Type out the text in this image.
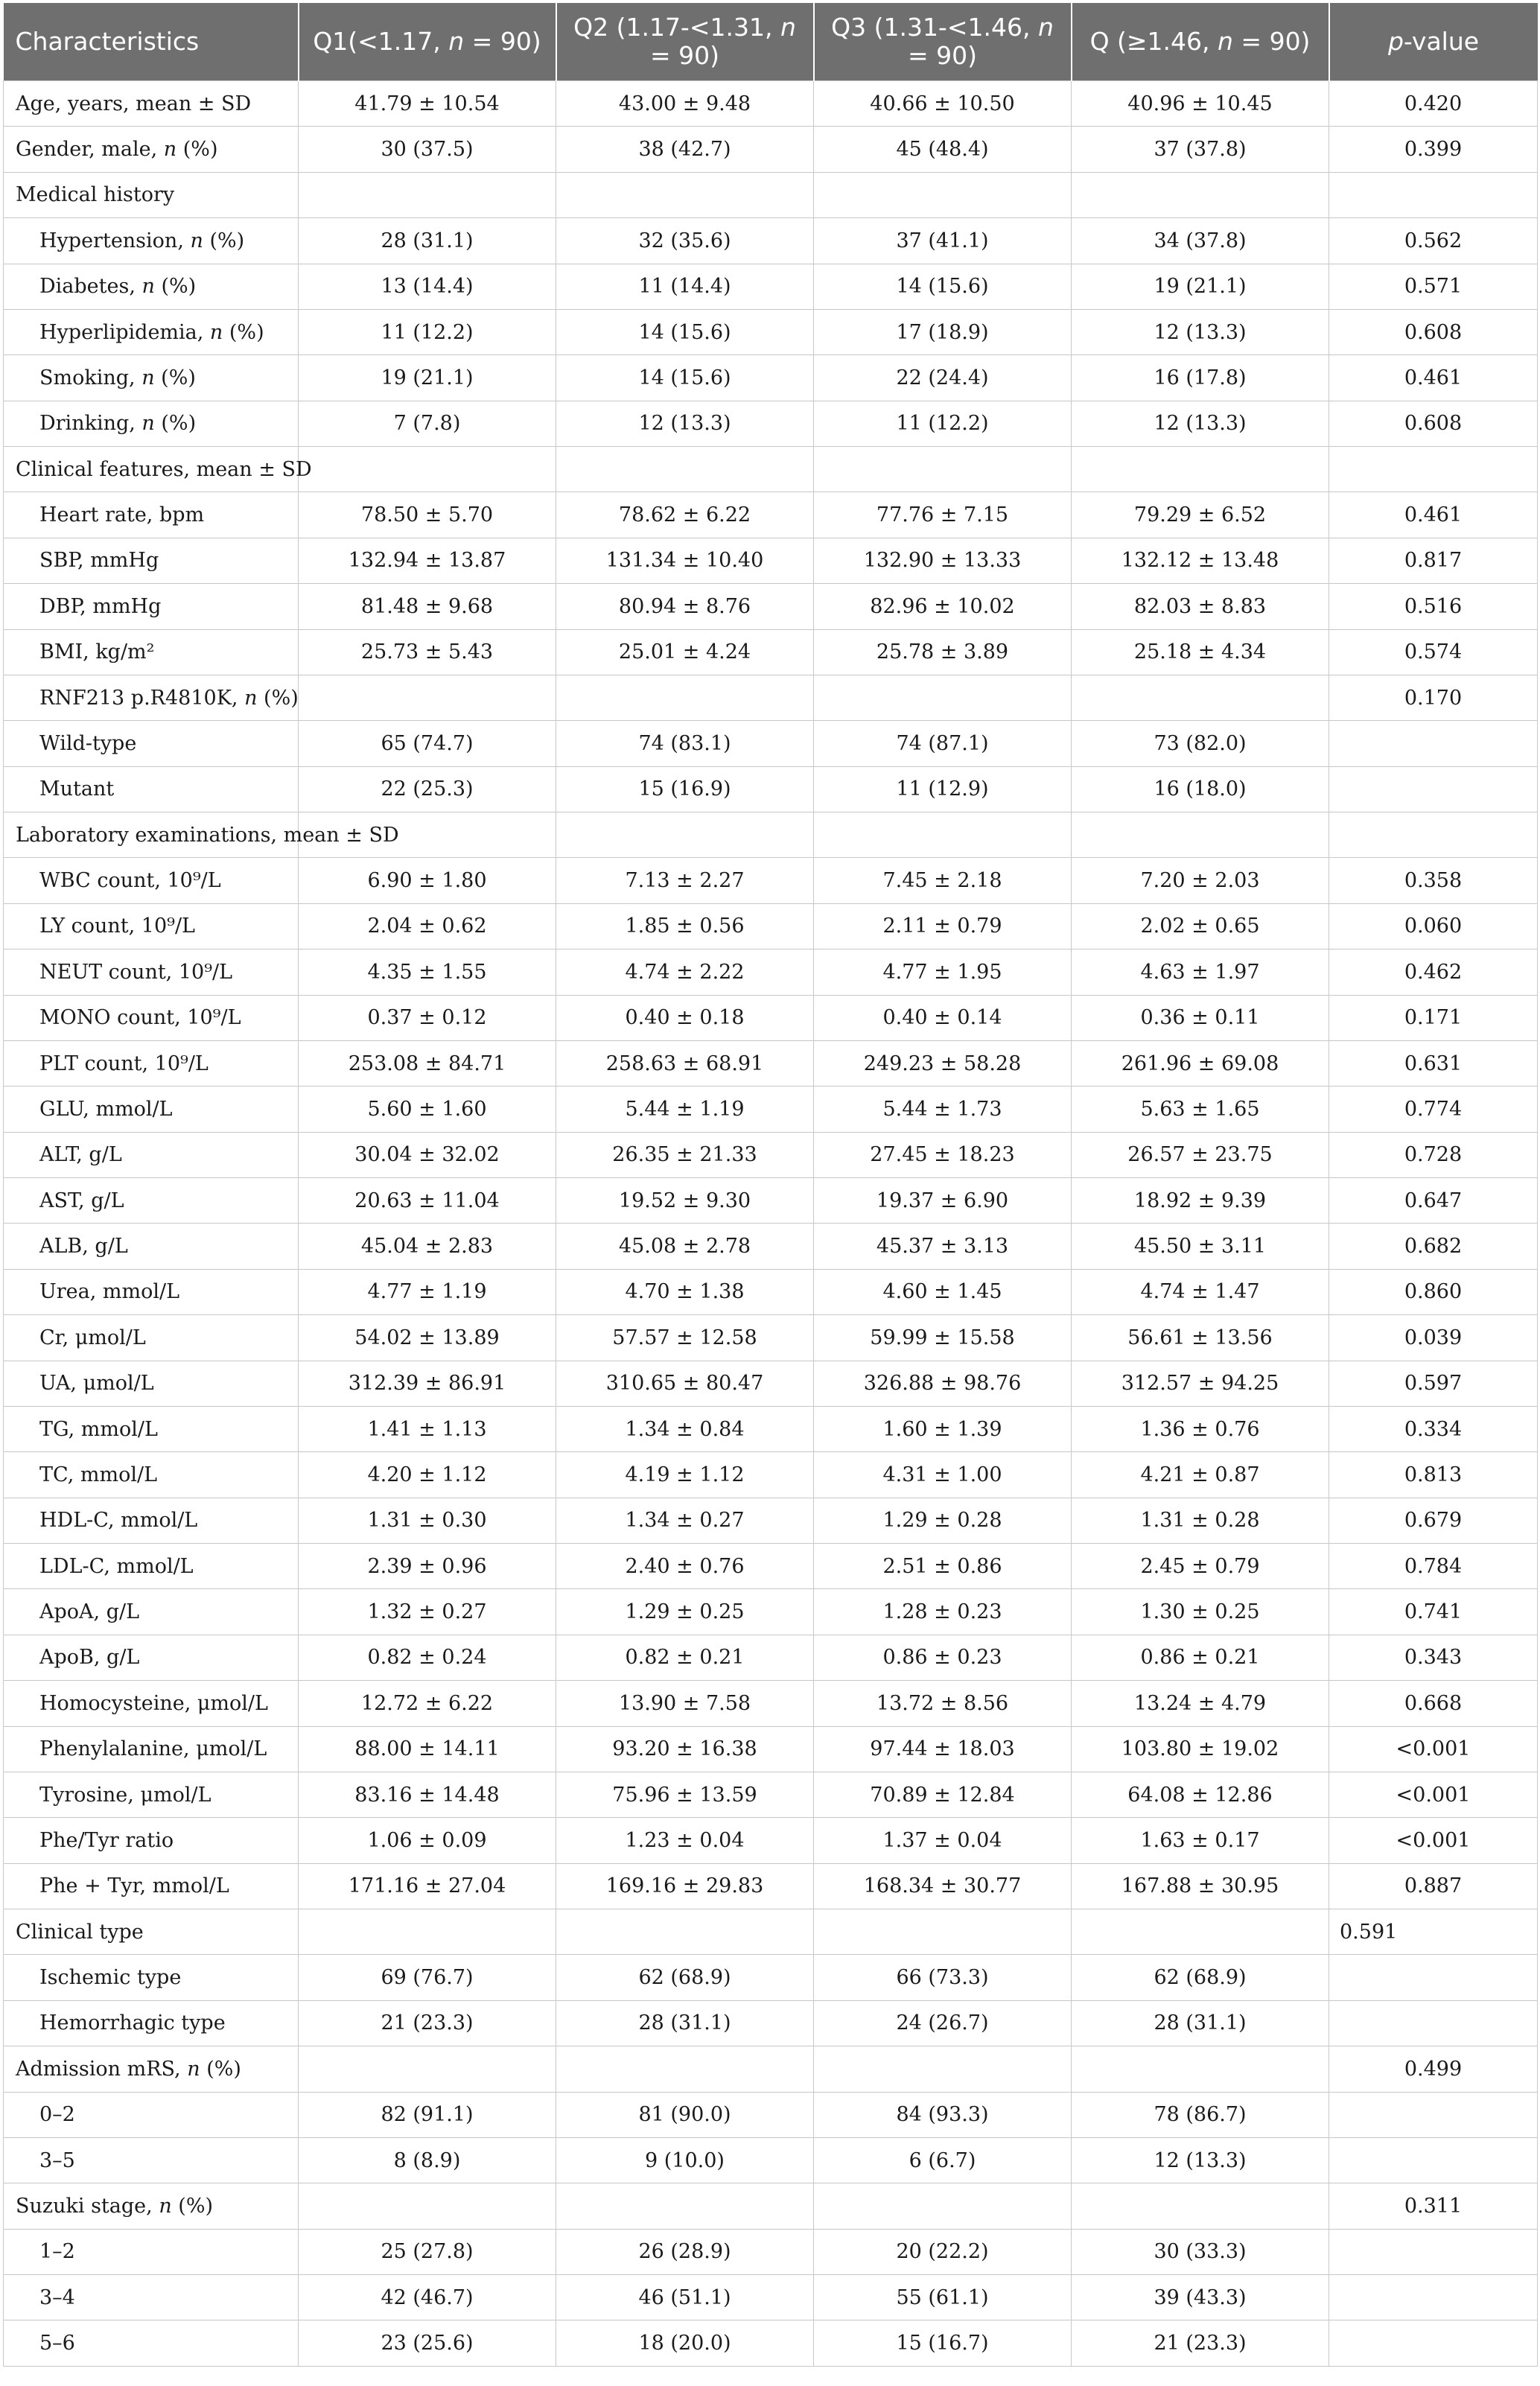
Characteristics	Q1(<1.17, n = 90)	Q2 (1.17-<1.31, n = 90)	Q3 (1.31-<1.46, n = 90)	Q (≥1.46, n = 90)	p-value
Age, years, mean ± SD	41.79 ± 10.54	43.00 ± 9.48	40.66 ± 10.50	40.96 ± 10.45	0.420
Gender, male, n (%)	30 (37.5)	38 (42.7)	45 (48.4)	37 (37.8)	0.399
Medical history					
Hypertension, n (%)	28 (31.1)	32 (35.6)	37 (41.1)	34 (37.8)	0.562
Diabetes, n (%)	13 (14.4)	11 (14.4)	14 (15.6)	19 (21.1)	0.571
Hyperlipidemia, n (%)	11 (12.2)	14 (15.6)	17 (18.9)	12 (13.3)	0.608
Smoking, n (%)	19 (21.1)	14 (15.6)	22 (24.4)	16 (17.8)	0.461
Drinking, n (%)	7 (7.8)	12 (13.3)	11 (12.2)	12 (13.3)	0.608
Clinical features, mean ± SD					
Heart rate, bpm	78.50 ± 5.70	78.62 ± 6.22	77.76 ± 7.15	79.29 ± 6.52	0.461
SBP, mmHg	132.94 ± 13.87	131.34 ± 10.40	132.90 ± 13.33	132.12 ± 13.48	0.817
DBP, mmHg	81.48 ± 9.68	80.94 ± 8.76	82.96 ± 10.02	82.03 ± 8.83	0.516
BMI, kg/m²	25.73 ± 5.43	25.01 ± 4.24	25.78 ± 3.89	25.18 ± 4.34	0.574
RNF213 p.R4810K, n (%)					0.170
Wild-type	65 (74.7)	74 (83.1)	74 (87.1)	73 (82.0)	
Mutant	22 (25.3)	15 (16.9)	11 (12.9)	16 (18.0)	
Laboratory examinations, mean ± SD					
WBC count, 10⁹/L	6.90 ± 1.80	7.13 ± 2.27	7.45 ± 2.18	7.20 ± 2.03	0.358
LY count, 10⁹/L	2.04 ± 0.62	1.85 ± 0.56	2.11 ± 0.79	2.02 ± 0.65	0.060
NEUT count, 10⁹/L	4.35 ± 1.55	4.74 ± 2.22	4.77 ± 1.95	4.63 ± 1.97	0.462
MONO count, 10⁹/L	0.37 ± 0.12	0.40 ± 0.18	0.40 ± 0.14	0.36 ± 0.11	0.171
PLT count, 10⁹/L	253.08 ± 84.71	258.63 ± 68.91	249.23 ± 58.28	261.96 ± 69.08	0.631
GLU, mmol/L	5.60 ± 1.60	5.44 ± 1.19	5.44 ± 1.73	5.63 ± 1.65	0.774
ALT, g/L	30.04 ± 32.02	26.35 ± 21.33	27.45 ± 18.23	26.57 ± 23.75	0.728
AST, g/L	20.63 ± 11.04	19.52 ± 9.30	19.37 ± 6.90	18.92 ± 9.39	0.647
ALB, g/L	45.04 ± 2.83	45.08 ± 2.78	45.37 ± 3.13	45.50 ± 3.11	0.682
Urea, mmol/L	4.77 ± 1.19	4.70 ± 1.38	4.60 ± 1.45	4.74 ± 1.47	0.860
Cr, μmol/L	54.02 ± 13.89	57.57 ± 12.58	59.99 ± 15.58	56.61 ± 13.56	0.039
UA, μmol/L	312.39 ± 86.91	310.65 ± 80.47	326.88 ± 98.76	312.57 ± 94.25	0.597
TG, mmol/L	1.41 ± 1.13	1.34 ± 0.84	1.60 ± 1.39	1.36 ± 0.76	0.334
TC, mmol/L	4.20 ± 1.12	4.19 ± 1.12	4.31 ± 1.00	4.21 ± 0.87	0.813
HDL-C, mmol/L	1.31 ± 0.30	1.34 ± 0.27	1.29 ± 0.28	1.31 ± 0.28	0.679
LDL-C, mmol/L	2.39 ± 0.96	2.40 ± 0.76	2.51 ± 0.86	2.45 ± 0.79	0.784
ApoA, g/L	1.32 ± 0.27	1.29 ± 0.25	1.28 ± 0.23	1.30 ± 0.25	0.741
ApoB, g/L	0.82 ± 0.24	0.82 ± 0.21	0.86 ± 0.23	0.86 ± 0.21	0.343
Homocysteine, μmol/L	12.72 ± 6.22	13.90 ± 7.58	13.72 ± 8.56	13.24 ± 4.79	0.668
Phenylalanine, μmol/L	88.00 ± 14.11	93.20 ± 16.38	97.44 ± 18.03	103.80 ± 19.02	<0.001
Tyrosine, μmol/L	83.16 ± 14.48	75.96 ± 13.59	70.89 ± 12.84	64.08 ± 12.86	<0.001
Phe/Tyr ratio	1.06 ± 0.09	1.23 ± 0.04	1.37 ± 0.04	1.63 ± 0.17	<0.001
Phe + Tyr, mmol/L	171.16 ± 27.04	169.16 ± 29.83	168.34 ± 30.77	167.88 ± 30.95	0.887
Clinical type					0.591
Ischemic type	69 (76.7)	62 (68.9)	66 (73.3)	62 (68.9)	
Hemorrhagic type	21 (23.3)	28 (31.1)	24 (26.7)	28 (31.1)	
Admission mRS, n (%)					0.499
0–2	82 (91.1)	81 (90.0)	84 (93.3)	78 (86.7)	
3–5	8 (8.9)	9 (10.0)	6 (6.7)	12 (13.3)	
Suzuki stage, n (%)					0.311
1–2	25 (27.8)	26 (28.9)	20 (22.2)	30 (33.3)	
3–4	42 (46.7)	46 (51.1)	55 (61.1)	39 (43.3)	
5–6	23 (25.6)	18 (20.0)	15 (16.7)	21 (23.3)	
